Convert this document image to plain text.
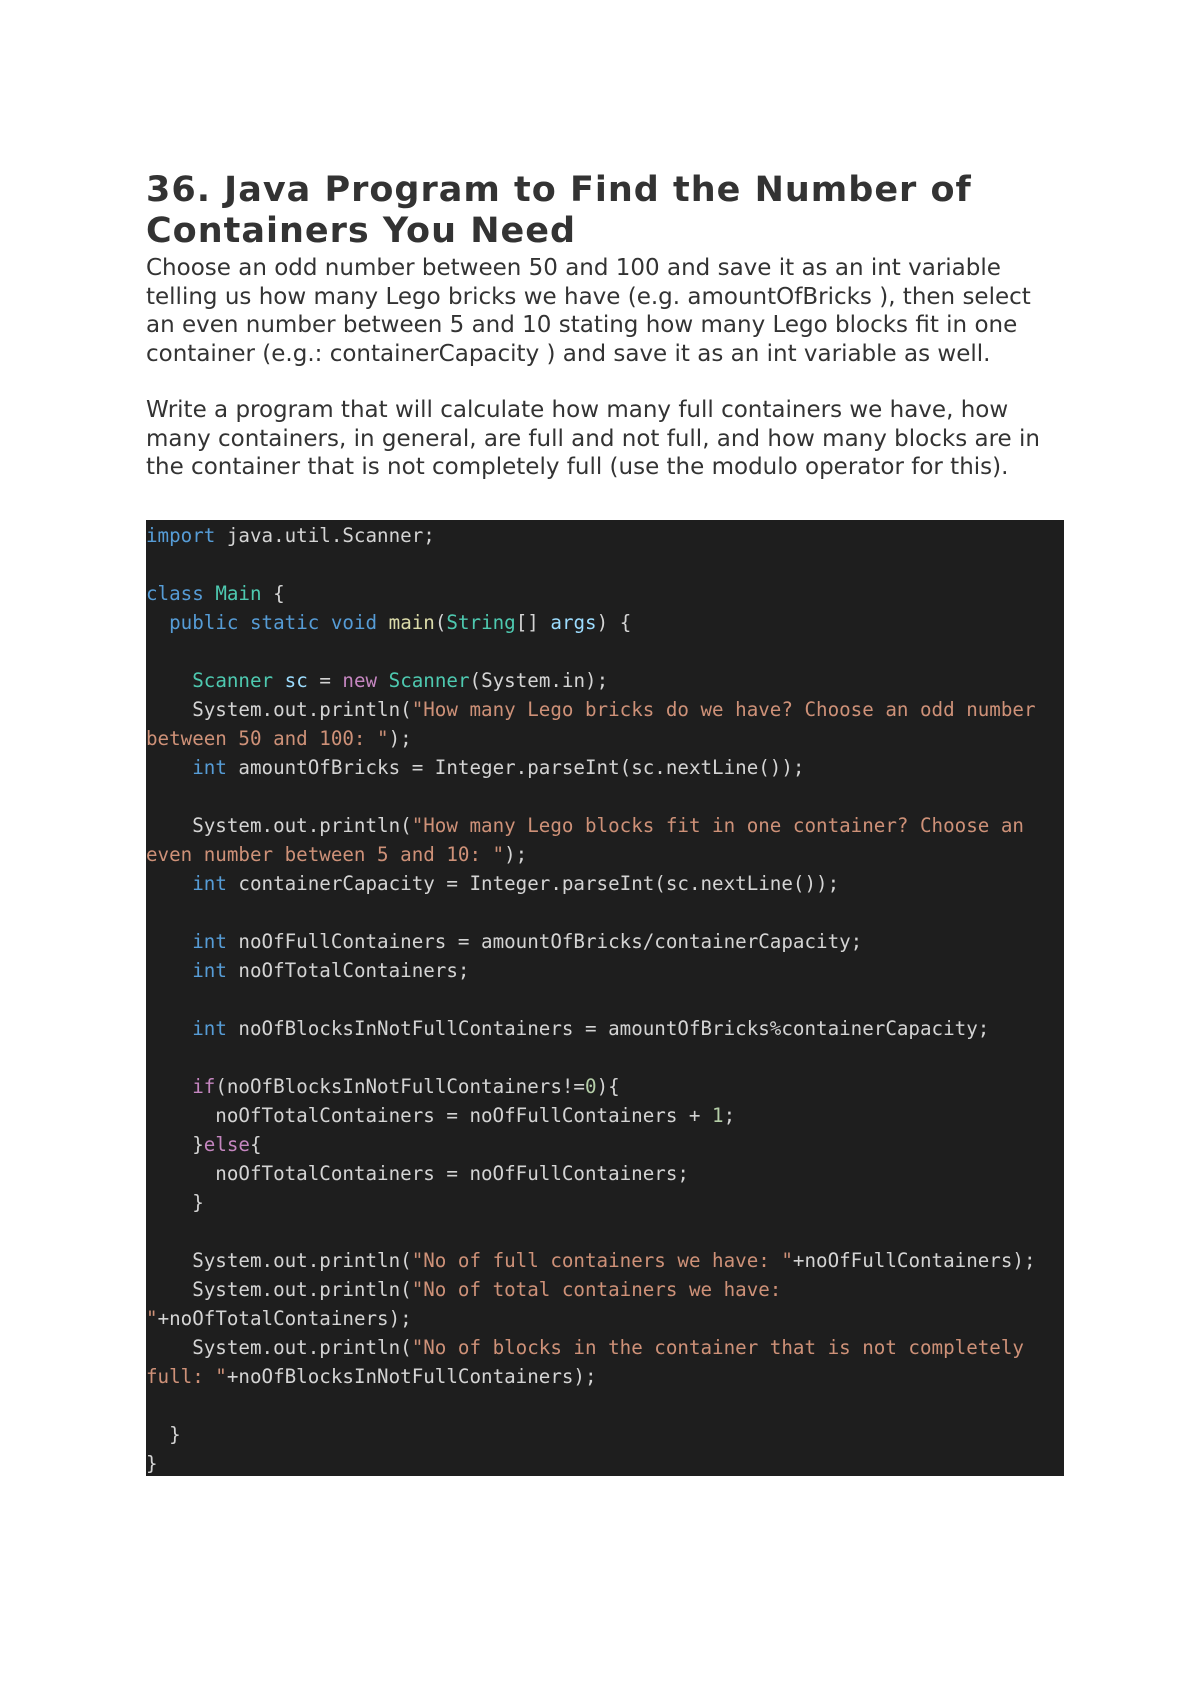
36. Java Program to Find the Number of Containers You Need

Choose an odd number between 50 and 100 and save it as an int variable telling us how many Lego bricks we have (e.g. amountOfBricks ), then select an even number between 5 and 10 stating how many Lego blocks fit in one container (e.g.: containerCapacity ) and save it as an int variable as well.

Write a program that will calculate how many full containers we have, how many containers, in general, are full and not full, and how many blocks are in the container that is not completely full (use the modulo operator for this).

import java.util.Scanner;

class Main {
public static void main(String[] args) {

Scanner sc = new Scanner(System.in);
System.out.println("How many Lego bricks do we have? Choose an odd number
between 50 and 100: ");
int amountOfBricks = Integer.parseInt(sc.nextLine());

System.out.println("How many Lego blocks fit in one container? Choose an
even number between 5 and 10: ");
int containerCapacity = Integer.parseInt(sc.nextLine());

int noOfFullContainers = amountOfBricks/containerCapacity;
int noOfTotalContainers;

int noOfBlocksInNotFullContainers = amountOfBricks%containerCapacity;

if(noOfBlocksInNotFullContainers!=0){
noOfTotalContainers = noOfFullContainers + 1;
}else{
noOfTotalContainers = noOfFullContainers;
}

System.out.println("No of full containers we have: "+noOfFullContainers);
System.out.println("No of total containers we have:
"+noOfTotalContainers);
System.out.println("No of blocks in the container that is not completely
full: "+noOfBlocksInNotFullContainers);

}
}
